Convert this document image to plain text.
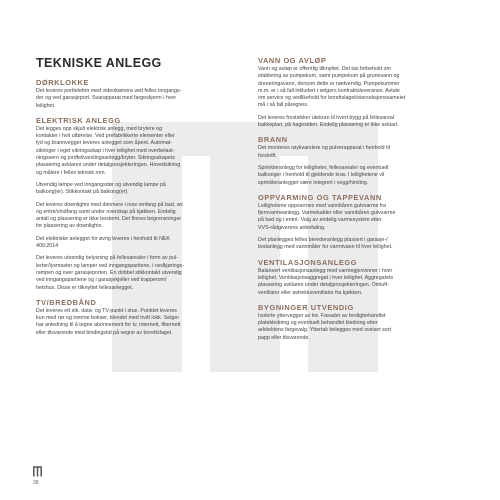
TEKNISKE ANLEGG
DØRKLOKKE
Det leveres porttelefon med videokamera ved felles inngangs-
der og ved garasjeport. Svarapparat med fargeskjerm i hver
leilighet.
ELEKTRISK ANLEGG
Det legges opp skjult elektrisk anlegg, med brytere og
kontakter i hvit utførelse. Ved prefabrikkerte elementer eller
lyd og brannvegger leveres anlegget som åpent. Automat-
sikringer i eget sikringsskap i hver leilighet med overbelast-
ningsvern og jordfeilvarslingsanlegg/bryter. Sikringsskapets
plassering avklares under detaljprosjekteringen. Hovedsikring
og målere i felles teknisk rom.
Utvendig lampe ved inngangsdør og utvendig lampe på
balkong(er). Stikkontakt på balkong(er).
Det leveres downlights med dimmere i now omfang på bad, wc
og entré/vindfang samt under overskap på kjøkken. Endelig
antall og plassering er ikke bestemt. Det finnes begrensninger
for plassering av downlights.
Det elektriske anlegget for øvrig leveres i henhold til NEK
400:2014
Det leveres utvendig belysning på fellesarealer i form av pul-
lerter/lysmaster og lamper ved inngangspartiene, i nedkjørings-
rampen og over garasjeporten. En dobbel stikkontakt utvendig
ved inngangspartiene og i garasjekjeller ved trapperom/
heishus. Disse er tilknyttet fellesanlegget.
TV/BREDBÅND
Det leveres ett stk. data- og TV-punkt i stue. Punktet leveres
kun med rør og tomme bokser, blendet med hvitt lokk. Selger
har anledning til å tegne abonnement for tv, internett, fibernett
eller tilsvarende med bindingstid på vegne av borettslaget.
VANN OG AVLØP
Vann og avløp er offentlig tilknyttet. Det tas forbehold om
etablering av pumpekum, samt pumpekum på grunnvann og
dreneringsvann, dersom dette er nødvendig. Pumpekummer
m.m. er i så fall inkludert i selgers kontraktsleveranse. Avtale
om service og vedlikehold for borettslaget/eierseksjonssameiet
må i så fall påregnes.
Det leveres frostsikker utekran til hvert bygg på fellesareal
bakkeplan, på hagesiden. Endelig plassering er ikke avklart.
BRANN
Det monteres røykvarslere og pulverapparat i henhold til
forskrift.
Sprinkleranlegg for leiligheter, fellesarealer og eventuelt
balkonger i henhold til gjeldende krav. I leilighetene vil
sprinkleranlegget være integrert i vegg/himling.
OPPVARMING OG TAPPEVANN
Leilighetene oppvarmes med vannbåren gulvvarme fra
fjernvarmeanlegg. Varmekabler eller vannbåren gulvvarme
på bad og i entré. Valg av endelig varmesystem etter
VVS-rådgiverens anbefaling.
Det planlegges felles berederanlegg plassert i garasje-/
bodanlegg med vannmåler for varmtvann til hver leilighet.
VENTILASJONSANLEGG
Balansert ventilasjonsanlegg med varmegjenvinner i hver
leilighet. Ventilasjonsaggregat i hver leilighet. Aggregatets
plassering avklares under detaljprosjekteringen. Omluft-
ventilator eller avtrekksventilator fra kjøkken.
BYGNINGER UTVENDIG
Isolerte yttervegger av tre. Fasader av ferdigbehandlet
platekledning og eventuelt behandlet kledning etter
arkitektens fargevalg. Yttertak belegges med sveiset sort
papp eller tilsvarende.
38
